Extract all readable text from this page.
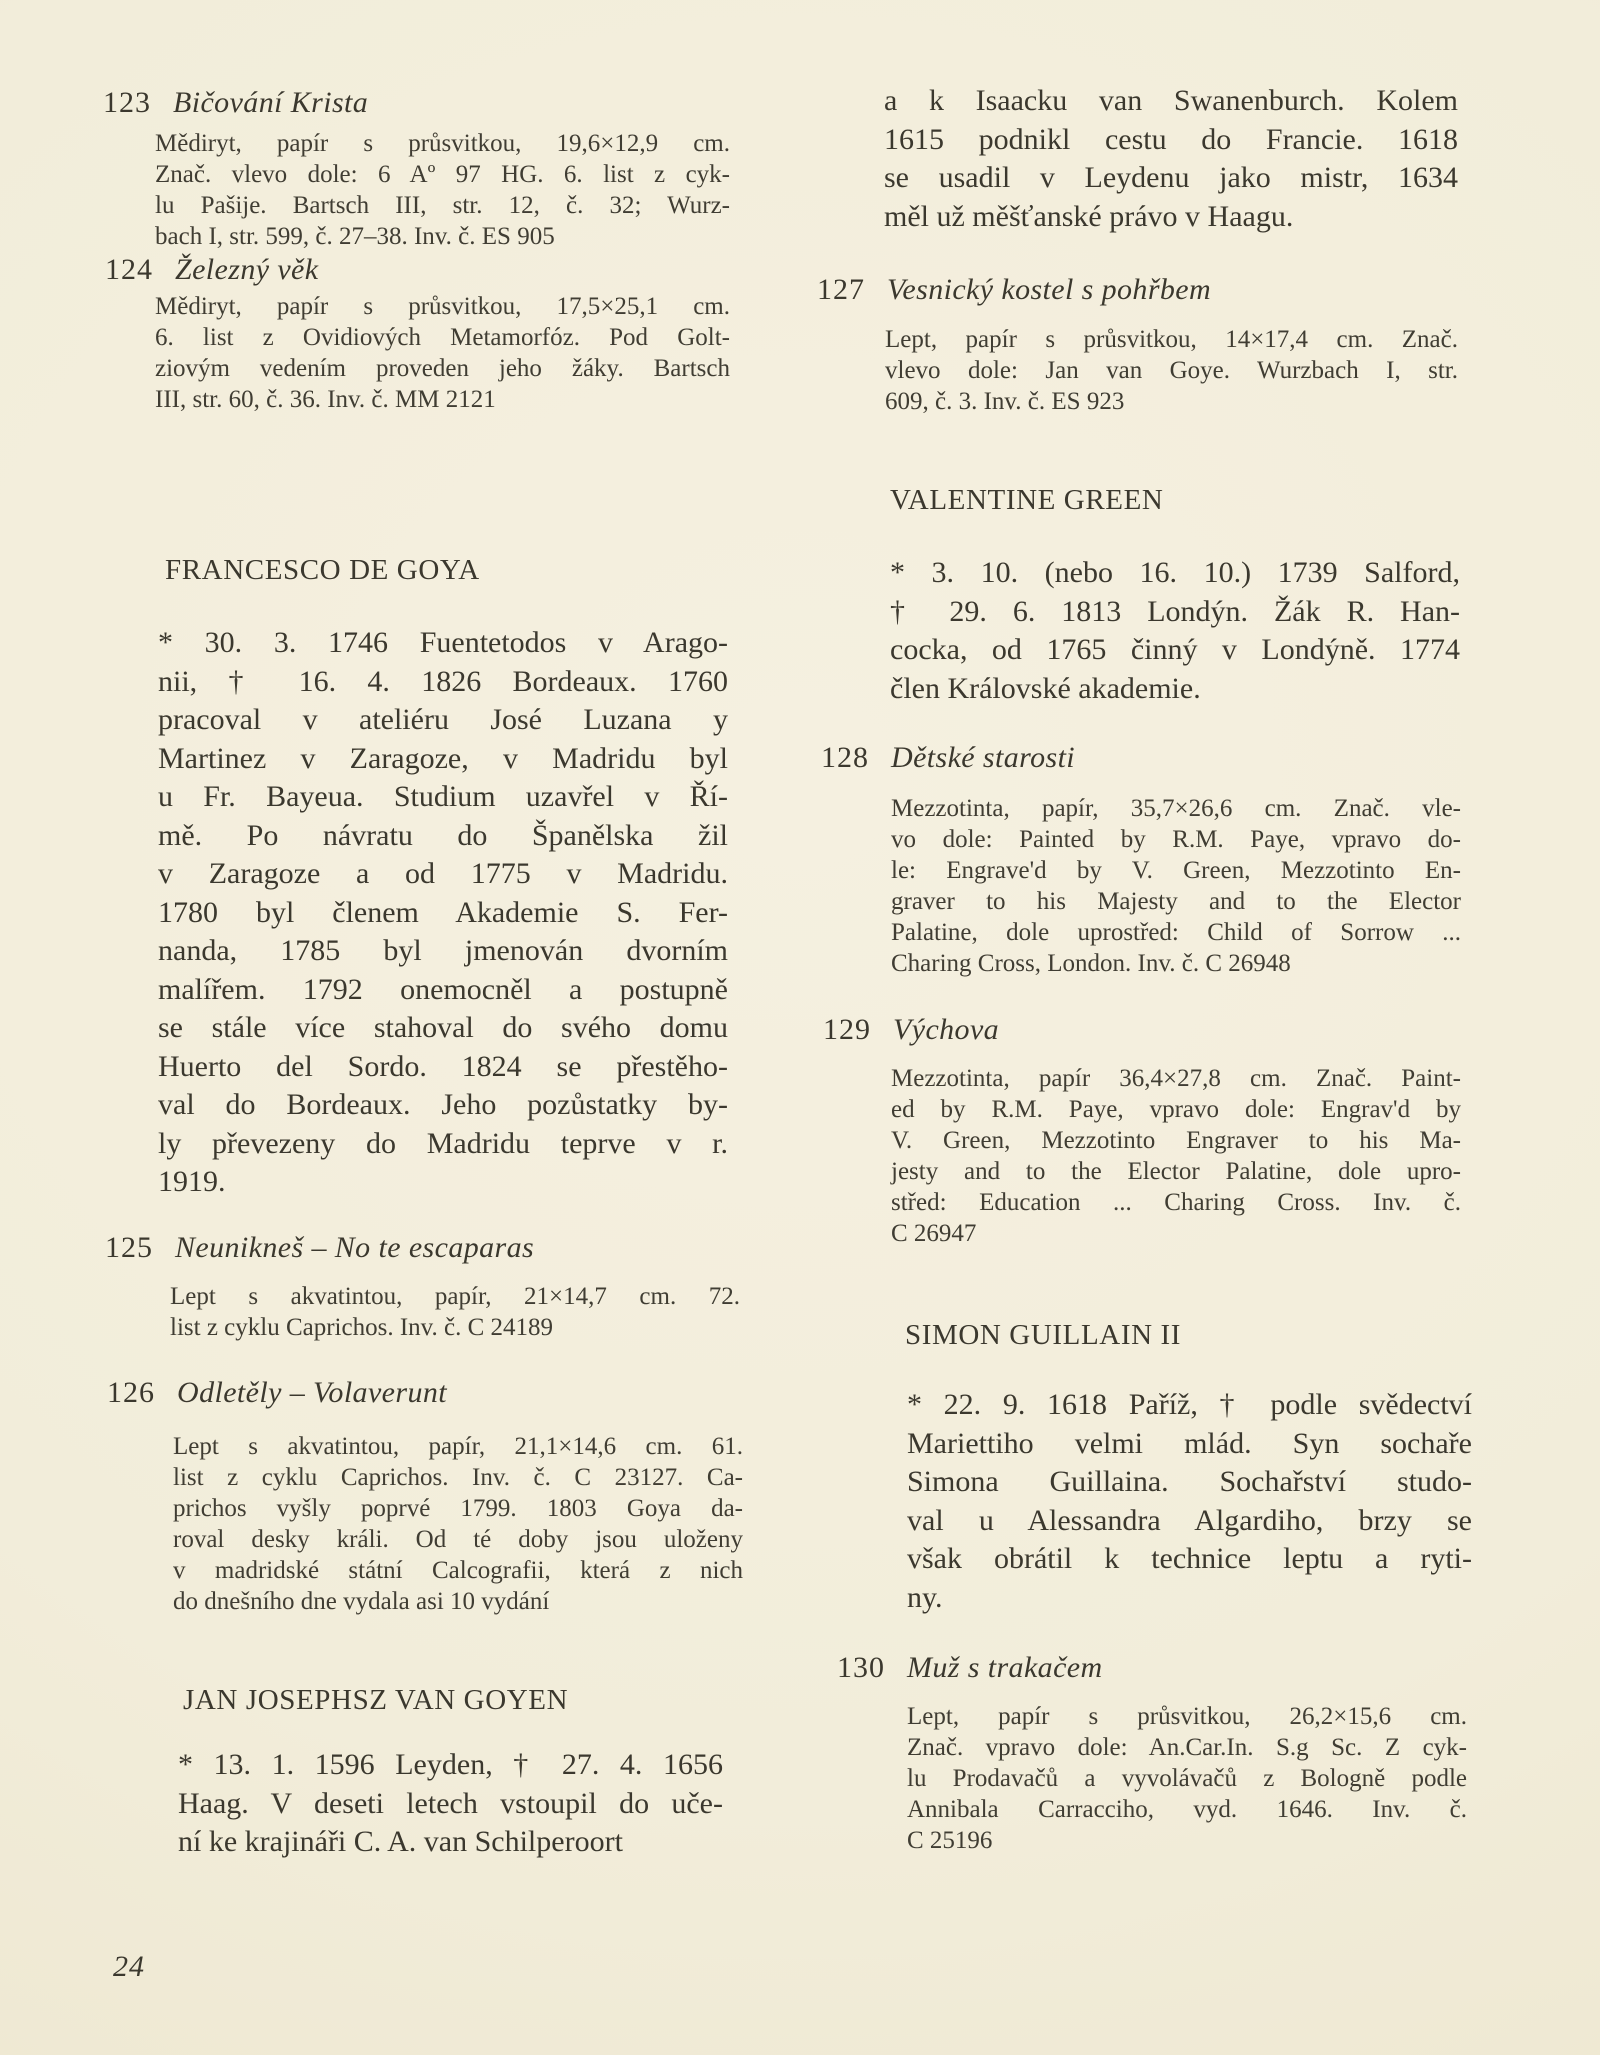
123 Bičování Krista
Mědiryt, papír s průsvitkou, 19,6×12,9 cm.
Znač. vlevo dole: 6 Aº 97 HG. 6. list z cyk-
lu Pašije. Bartsch III, str. 12, č. 32; Wurz-
bach I, str. 599, č. 27–38. Inv. č. ES 905
124 Železný věk
Mědiryt, papír s průsvitkou, 17,5×25,1 cm.
6. list z Ovidiových Metamorfóz. Pod Golt-
ziovým vedením proveden jeho žáky. Bartsch
III, str. 60, č. 36. Inv. č. MM 2121
FRANCESCO DE GOYA
* 30. 3. 1746 Fuentetodos v Arago-
nii, † 16. 4. 1826 Bordeaux. 1760
pracoval v ateliéru José Luzana y
Martinez v Zaragoze, v Madridu byl
u Fr. Bayeua. Studium uzavřel v Ří-
mě. Po návratu do Španělska žil
v Zaragoze a od 1775 v Madridu.
1780 byl členem Akademie S. Fer-
nanda, 1785 byl jmenován dvorním
malířem. 1792 onemocněl a postupně
se stále více stahoval do svého domu
Huerto del Sordo. 1824 se přestěho-
val do Bordeaux. Jeho pozůstatky by-
ly převezeny do Madridu teprve v r.
1919.
125 Neunikneš – No te escaparas
Lept s akvatintou, papír, 21×14,7 cm. 72.
list z cyklu Caprichos. Inv. č. C 24189
126 Odletěly – Volaverunt
Lept s akvatintou, papír, 21,1×14,6 cm. 61.
list z cyklu Caprichos. Inv. č. C 23127. Ca-
prichos vyšly poprvé 1799. 1803 Goya da-
roval desky králi. Od té doby jsou uloženy
v madridské státní Calcografii, která z nich
do dnešního dne vydala asi 10 vydání
JAN JOSEPHSZ VAN GOYEN
* 13. 1. 1596 Leyden, † 27. 4. 1656
Haag. V deseti letech vstoupil do uče-
ní ke krajináři C. A. van Schilperoort
24
a k Isaacku van Swanenburch. Kolem
1615 podnikl cestu do Francie. 1618
se usadil v Leydenu jako mistr, 1634
měl už měšťanské právo v Haagu.
127 Vesnický kostel s pohřbem
Lept, papír s průsvitkou, 14×17,4 cm. Znač.
vlevo dole: Jan van Goye. Wurzbach I, str.
609, č. 3. Inv. č. ES 923
VALENTINE GREEN
* 3. 10. (nebo 16. 10.) 1739 Salford,
† 29. 6. 1813 Londýn. Žák R. Han-
cocka, od 1765 činný v Londýně. 1774
člen Královské akademie.
128 Dětské starosti
Mezzotinta, papír, 35,7×26,6 cm. Znač. vle-
vo dole: Painted by R.M. Paye, vpravo do-
le: Engrave'd by V. Green, Mezzotinto En-
graver to his Majesty and to the Elector
Palatine, dole uprostřed: Child of Sorrow ...
Charing Cross, London. Inv. č. C 26948
129 Výchova
Mezzotinta, papír 36,4×27,8 cm. Znač. Paint-
ed by R.M. Paye, vpravo dole: Engrav'd by
V. Green, Mezzotinto Engraver to his Ma-
jesty and to the Elector Palatine, dole upro-
střed: Education ... Charing Cross. Inv. č.
C 26947
SIMON GUILLAIN II
* 22. 9. 1618 Paříž, † podle svědectví
Mariettiho velmi mlád. Syn sochaře
Simona Guillaina. Sochařství studo-
val u Alessandra Algardiho, brzy se
však obrátil k technice leptu a ryti-
ny.
130 Muž s trakačem
Lept, papír s průsvitkou, 26,2×15,6 cm.
Znač. vpravo dole: An.Car.In. S.g Sc. Z cyk-
lu Prodavačů a vyvolávačů z Bologně podle
Annibala Carracciho, vyd. 1646. Inv. č.
C 25196
